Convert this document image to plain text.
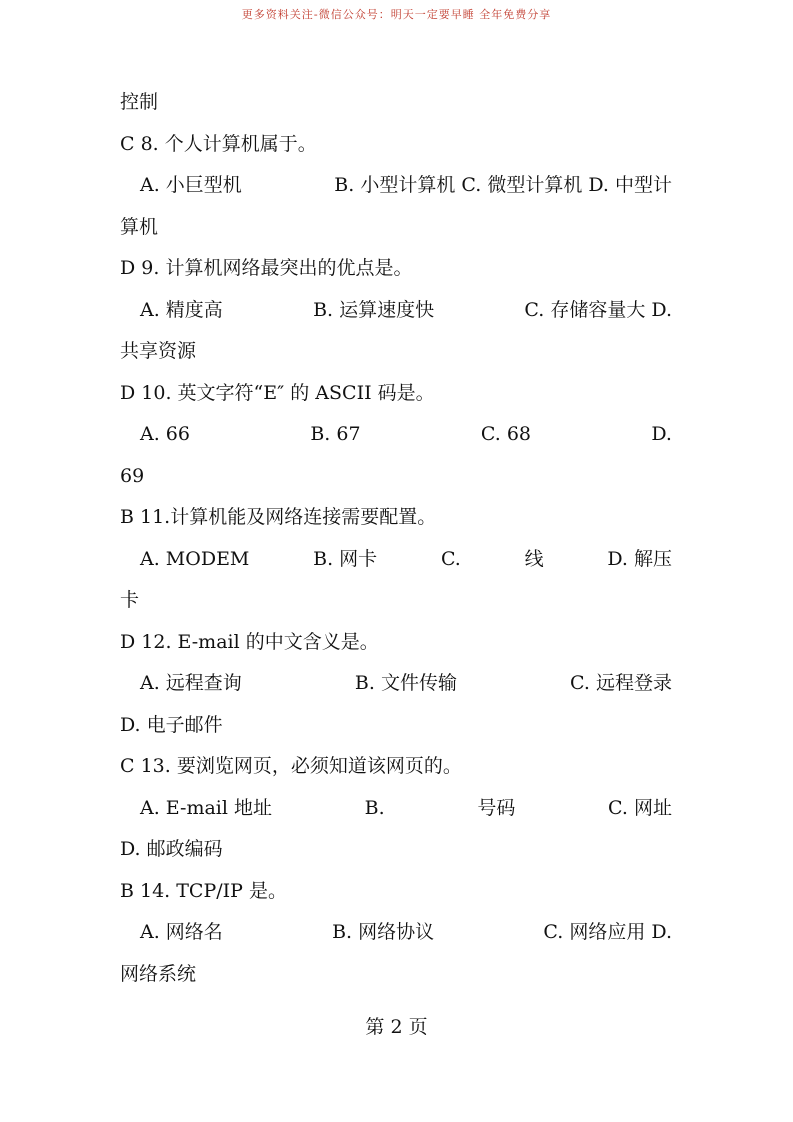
更多资料关注-微信公众号：明天一定要早睡 全年免费分享
控制
C 8. 个人计算机属于。
A. 小巨型机	B. 小型计算机 C. 微型计算机 D. 中型计
算机
D 9. 计算机网络最突出的优点是。
A. 精度高	B. 运算速度快	C. 存储容量大 D.
共享资源
D 10. 英文字符“E″ 的 ASCII 码是。
A. 66	B. 67	C. 68	D.
69
B 11.计算机能及网络连接需要配置。
A. MODEM	B. 网卡	C.	线	D. 解压
卡
D 12. E-mail 的中文含义是。
A. 远程查询	B. 文件传输	C. 远程登录
D. 电子邮件
C 13. 要浏览网页，必须知道该网页的。
A. E-mail 地址	B.	号码	C. 网址
D. 邮政编码
B 14. TCP/IP 是。
A. 网络名	B. 网络协议	C. 网络应用 D.
网络系统
第 2 页
